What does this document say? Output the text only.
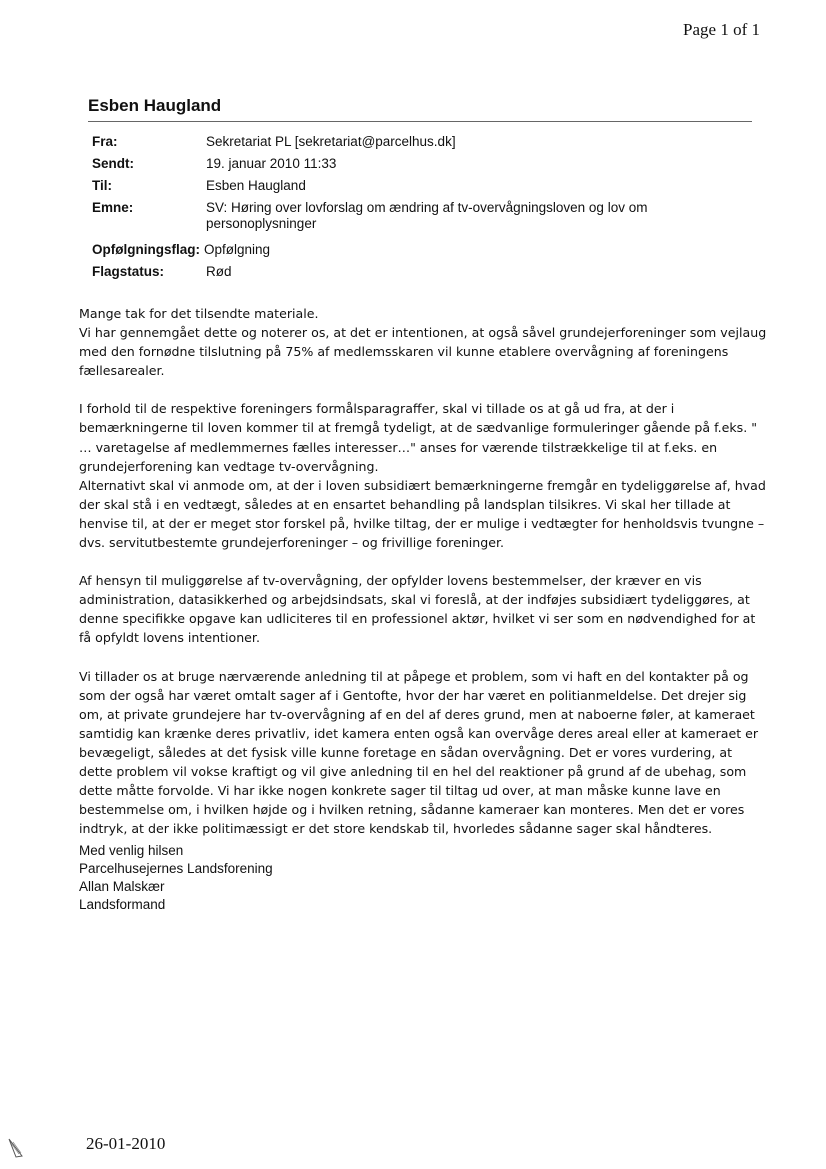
Page 1 of 1
Esben Haugland
Fra:	Sekretariat PL [sekretariat@parcelhus.dk]
Sendt:	19. januar 2010 11:33
Til:	Esben Haugland
Emne:	SV: Høring over lovforslag om ændring af tv-overvågningsloven og lov om personoplysninger
Opfølgningsflag: Opfølgning
Flagstatus:	Rød

Mange tak for det tilsendte materiale.
Vi har gennemgået dette og noterer os, at det er intentionen, at også såvel grundejerforeninger som vejlaug med den fornødne tilslutning på 75% af medlemsskaren vil kunne etablere overvågning af foreningens fællesarealer.

I forhold til de respektive foreningers formålsparagraffer, skal vi tillade os at gå ud fra, at der i bemærkningerne til loven kommer til at fremgå tydeligt, at de sædvanlige formuleringer gående på f.eks. " … varetagelse af medlemmernes fælles interesser…" anses for værende tilstrækkelige til at f.eks. en grundejerforening kan vedtage tv-overvågning.
Alternativt skal vi anmode om, at der i loven subsidiært bemærkningerne fremgår en tydeliggørelse af, hvad der skal stå i en vedtægt, således at en ensartet behandling på landsplan tilsikres. Vi skal her tillade at henvise til, at der er meget stor forskel på, hvilke tiltag, der er mulige i vedtægter for henholdsvis tvungne – dvs. servitutbestemte grundejerforeninger – og frivillige foreninger.

Af hensyn til muliggørelse af tv-overvågning, der opfylder lovens bestemmelser, der kræver en vis administration, datasikkerhed og arbejdsindsats, skal vi foreslå, at der indføjes subsidiært tydeliggøres, at denne specifikke opgave kan udliciteres til en professionel aktør, hvilket vi ser som en nødvendighed for at få opfyldt lovens intentioner.

Vi tillader os at bruge nærværende anledning til at påpege et problem, som vi haft en del kontakter på og som der også har været omtalt sager af i Gentofte, hvor der har været en politianmeldelse. Det drejer sig om, at private grundejere har tv-overvågning af en del af deres grund, men at naboerne føler, at kameraet samtidig kan krænke deres privatliv, idet kamera enten også kan overvåge deres areal eller at kameraet er bevægeligt, således at det fysisk ville kunne foretage en sådan overvågning. Det er vores vurdering, at dette problem vil vokse kraftigt og vil give anledning til en hel del reaktioner på grund af de ubehag, som dette måtte forvolde. Vi har ikke nogen konkrete sager til tiltag ud over, at man måske kunne lave en bestemmelse om, i hvilken højde og i hvilken retning, sådanne kameraer kan monteres. Men det er vores indtryk, at der ikke politimæssigt er det store kendskab til, hvorledes sådanne sager skal håndteres.

Med venlig hilsen
Parcelhusejernes Landsforening
Allan Malskær
Landsformand
26-01-2010
